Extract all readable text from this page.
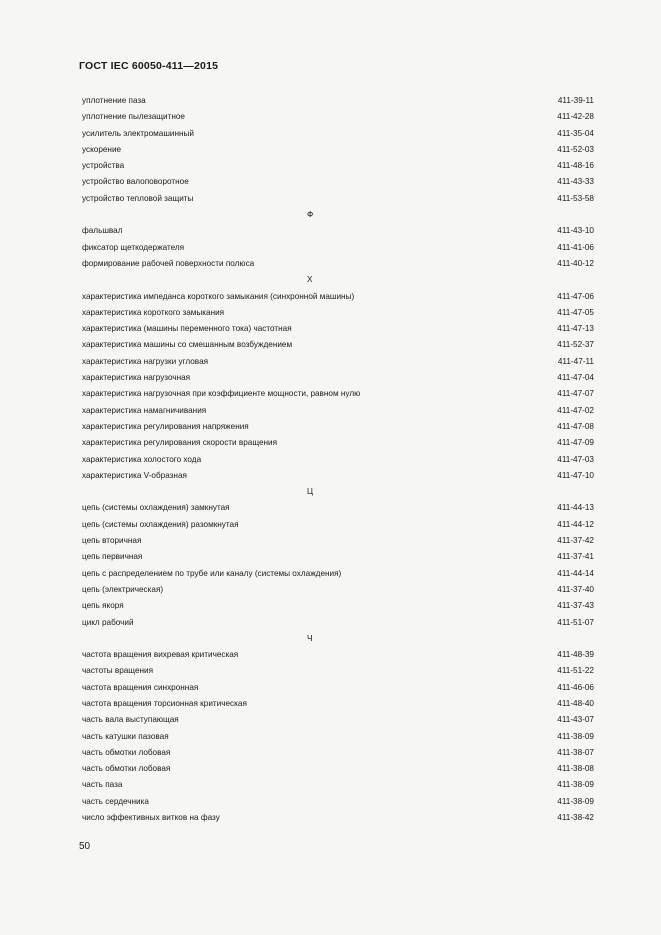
ГОСТ IEC 60050-411—2015
уплотнение паза	411-39-11
уплотнение пылезащитное	411-42-28
усилитель электромашинный	411-35-04
ускорение	411-52-03
устройства	411-48-16
устройство валоповоротное	411-43-33
устройство тепловой защиты	411-53-58
Ф
фальшвал	411-43-10
фиксатор щеткодержателя	411-41-06
формирование рабочей поверхности полюса	411-40-12
Х
характеристика импеданса короткого замыкания (синхронной машины)	411-47-06
характеристика короткого замыкания	411-47-05
характеристика (машины переменного тока) частотная	411-47-13
характеристика машины со смешанным возбуждением	411-52-37
характеристика нагрузки угловая	411-47-11
характеристика нагрузочная	411-47-04
характеристика нагрузочная при коэффициенте мощности, равном нулю	411-47-07
характеристика намагничивания	411-47-02
характеристика регулирования напряжения	411-47-08
характеристика регулирования скорости вращения	411-47-09
характеристика холостого хода	411-47-03
характеристика V-образная	411-47-10
Ц
цепь (системы охлаждения) замкнутая	411-44-13
цепь (системы охлаждения) разомкнутая	411-44-12
цепь вторичная	411-37-42
цепь первичная	411-37-41
цепь с распределением по трубе или каналу (системы охлаждения)	411-44-14
цепь (электрическая)	411-37-40
цепь якоря	411-37-43
цикл рабочий	411-51-07
Ч
частота вращения вихревая критическая	411-48-39
частоты вращения	411-51-22
частота вращения синхронная	411-46-06
частота вращения торсионная критическая	411-48-40
часть вала выступающая	411-43-07
часть катушки пазовая	411-38-09
часть обмотки лобовая	411-38-07
часть обмотки лобовая	411-38-08
часть паза	411-38-09
часть сердечника	411-38-09
число эффективных витков на фазу	411-38-42
50
